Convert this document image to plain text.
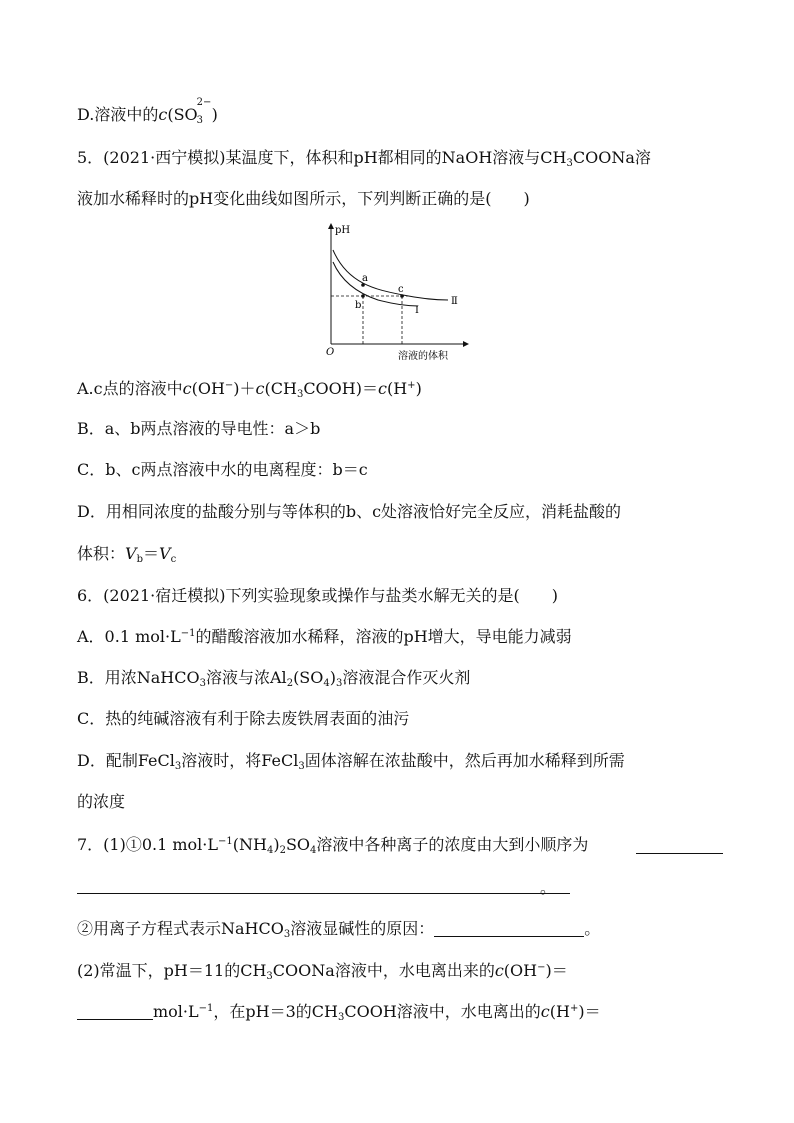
D.溶液中的c( SO
2−
3 )
5．(2021·西宁模拟)某温度下，体积和pH都相同的NaOH溶液与$CH_3COONa$溶
液加水稀释时的pH变化曲线如图所示，下列判断正确的是(　　)
pH
O	溶液的体积
a
b
c
Ⅱ
Ⅰ
A.c点的溶液中$c(OH^-)+c(CH_3COOH)=c(H^+)$
B．a、b两点溶液的导电性：a＞b
C．b、c两点溶液中水的电离程度：b＝c
D．用相同浓度的盐酸分别与等体积的b、c处溶液恰好完全反应，消耗盐酸的
体积：$V_b=V_c$
6．(2021·宿迁模拟)下列实验现象或操作与盐类水解无关的是(　　)
A．0.1 $mol\cdot L^{-1}$的醋酸溶液加水稀释，溶液的pH增大，导电能力减弱
B．用浓NaHCO$_3$溶液与浓$Al_2(SO_4)_3$溶液混合作灭火剂
C．热的纯碱溶液有利于除去废铁屑表面的油污
D．配制FeCl$_3$溶液时，将FeCl$_3$固体溶解在浓盐酸中，然后再加水稀释到所需
的浓度
7．(1)①0.1 $mol\cdot L^{-1}(NH_4)_2SO_4$溶液中各种离子的浓度由大到小顺序为
。
②用离子方程式表示NaHCO$_3$溶液显碱性的原因：	。
(2)常温下，pH＝11的$CH_3COONa$溶液中，水电离出来的c(OH−)＝
$mol\cdot L^{-1}$，在pH＝3的$CH_3COOH$溶液中，水电离出的c(H+)＝
